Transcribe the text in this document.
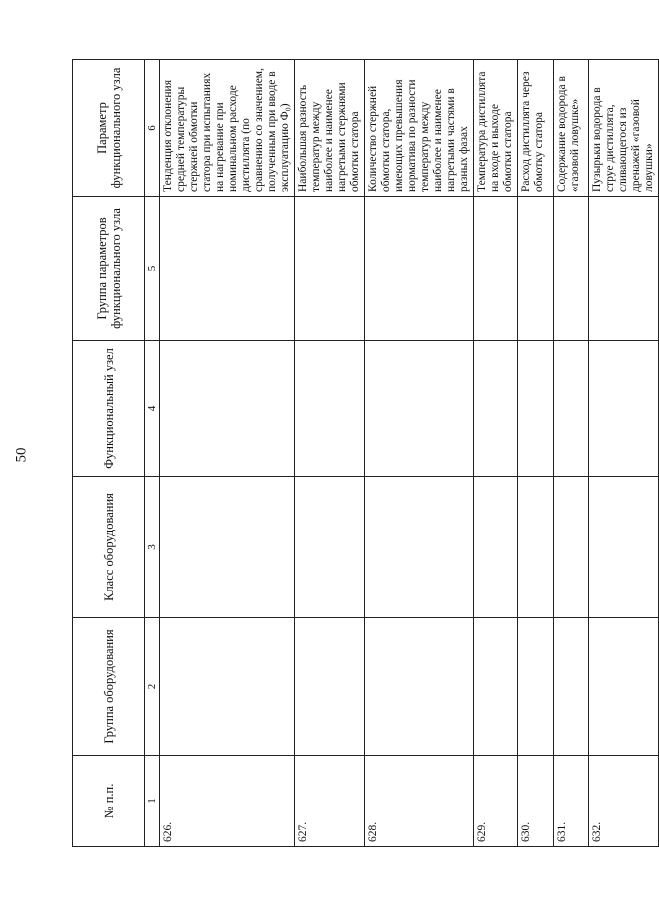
50
№ п.п.	Группа оборудования	Класс оборудования	Функциональный узел	Группа параметров функционального узла	Параметр функционального узла
1	2	3	4	5	6
626.					Тенденция отклонения средней температуры стержней обмотки статора при испытаниях на нагревание при номинальном расходе дистиллята (по сравнению со значением, полученным при вводе в эксплуатацию Ф₀)
627.					Наибольшая разность температур между наиболее и наименее нагретыми стержнями обмотки статора
628.					Количество стержней обмотки статора, имеющих превышения норматива по разности температур между наиболее и наименее нагретыми частями в разных фазах
629.					Температура дистиллята на входе и выходе обмотки статора
630.					Расход дистиллята через обмотку статора
631.					Содержание водорода в «газовой ловушке»
632.					Пузырьки водорода в струе дистиллята, сливающегося из дренажей «газовой ловушки»
